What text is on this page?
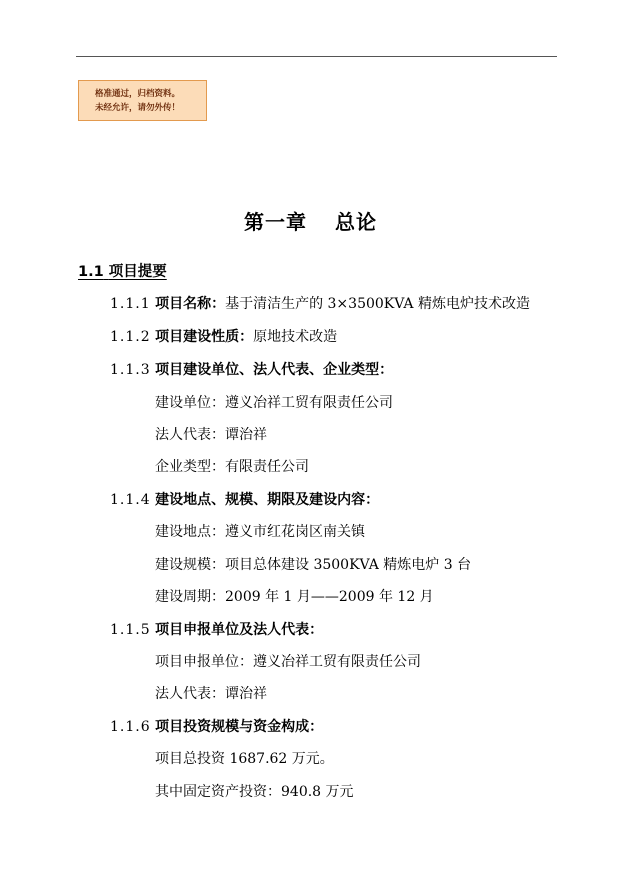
格准通过，归档资料。
未经允许，请勿外传！
第一章 总论
1.1 项目提要
1.1.1 项目名称：基于清洁生产的 3×3500KVA 精炼电炉技术改造
1.1.2 项目建设性质：原地技术改造
1.1.3 项目建设单位、法人代表、企业类型：
建设单位：遵义冶祥工贸有限责任公司
法人代表：谭治祥
企业类型：有限责任公司
1.1.4 建设地点、规模、期限及建设内容：
建设地点：遵义市红花岗区南关镇
建设规模：项目总体建设 3500KVA 精炼电炉 3 台
建设周期：2009 年 1 月——2009 年 12 月
1.1.5 项目申报单位及法人代表：
项目申报单位：遵义冶祥工贸有限责任公司
法人代表：谭治祥
1.1.6 项目投资规模与资金构成：
项目总投资 1687.62 万元。
其中固定资产投资：940.8 万元
